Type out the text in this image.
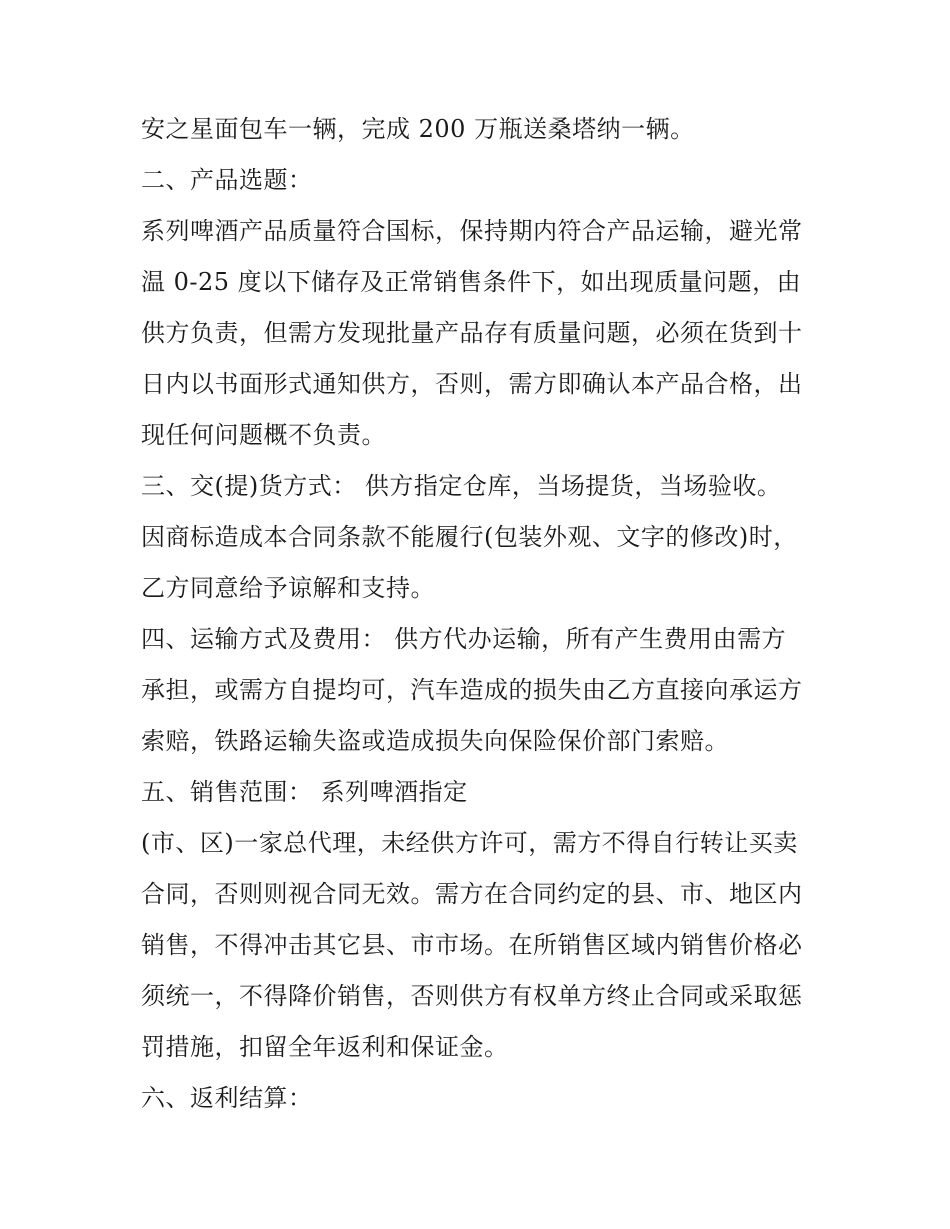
安之星面包车一辆，完成 200 万瓶送桑塔纳一辆。
二、产品选题：
系列啤酒产品质量符合国标，保持期内符合产品运输，避光常
温 0-25 度以下储存及正常销售条件下，如出现质量问题，由
供方负责，但需方发现批量产品存有质量问题，必须在货到十
日内以书面形式通知供方，否则，需方即确认本产品合格，出
现任何问题概不负责。
三、交(提)货方式： 供方指定仓库，当场提货，当场验收。
因商标造成本合同条款不能履行(包装外观、文字的修改)时，
乙方同意给予谅解和支持。
四、运输方式及费用： 供方代办运输，所有产生费用由需方
承担，或需方自提均可，汽车造成的损失由乙方直接向承运方
索赔，铁路运输失盗或造成损失向保险保价部门索赔。
五、销售范围： 系列啤酒指定
(市、区)一家总代理，未经供方许可，需方不得自行转让买卖
合同，否则则视合同无效。需方在合同约定的县、市、地区内
销售，不得冲击其它县、市市场。在所销售区域内销售价格必
须统一，不得降价销售，否则供方有权单方终止合同或采取惩
罚措施，扣留全年返利和保证金。
六、返利结算：
